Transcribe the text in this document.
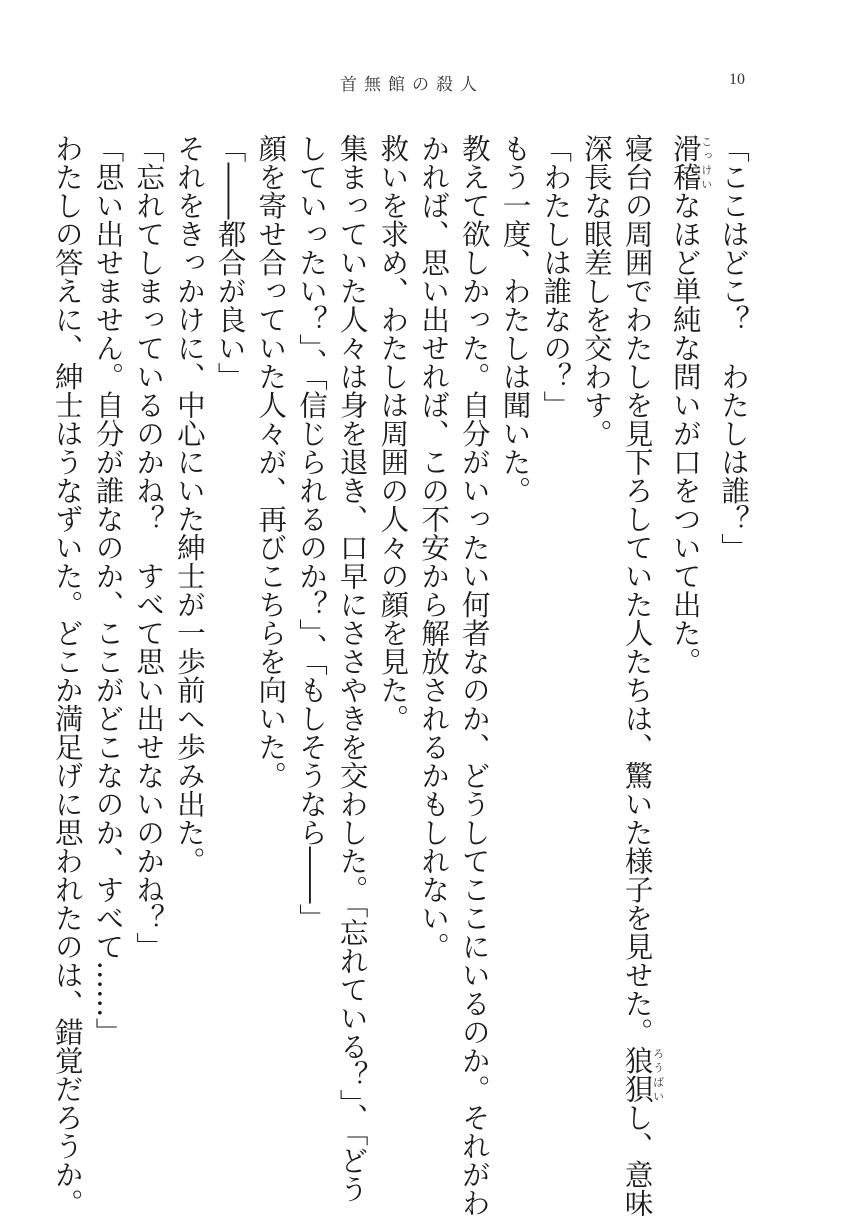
首無館の殺人	10
「ここはどこ？　わたしは誰？」
滑稽こっけいなほど単純な問いが口をついて出た。
寝台の周囲でわたしを見下ろしていた人たちは、驚いた様子を見せた。狼狽ろうばいし、意味
深長な眼差しを交わす。
「わたしは誰なの？」
もう一度、わたしは聞いた。
教えて欲しかった。自分がいったい何者なのか、どうしてここにいるのか。それがわ
かれば、思い出せれば、この不安から解放されるかもしれない。
救いを求め、わたしは周囲の人々の顔を見た。
集まっていた人々は身を退き、口早にささやきを交わした。「忘れている？」、「どう
していったい？」、「信じられるのか？」、「もしそうなら――」
顔を寄せ合っていた人々が、再びこちらを向いた。
「――都合が良い」
それをきっかけに、中心にいた紳士が一歩前へ歩み出た。
「忘れてしまっているのかね？　すべて思い出せないのかね？」
「思い出せません。自分が誰なのか、ここがどこなのか、すべて……」
わたしの答えに、紳士はうなずいた。どこか満足げに思われたのは、錯覚だろうか。
